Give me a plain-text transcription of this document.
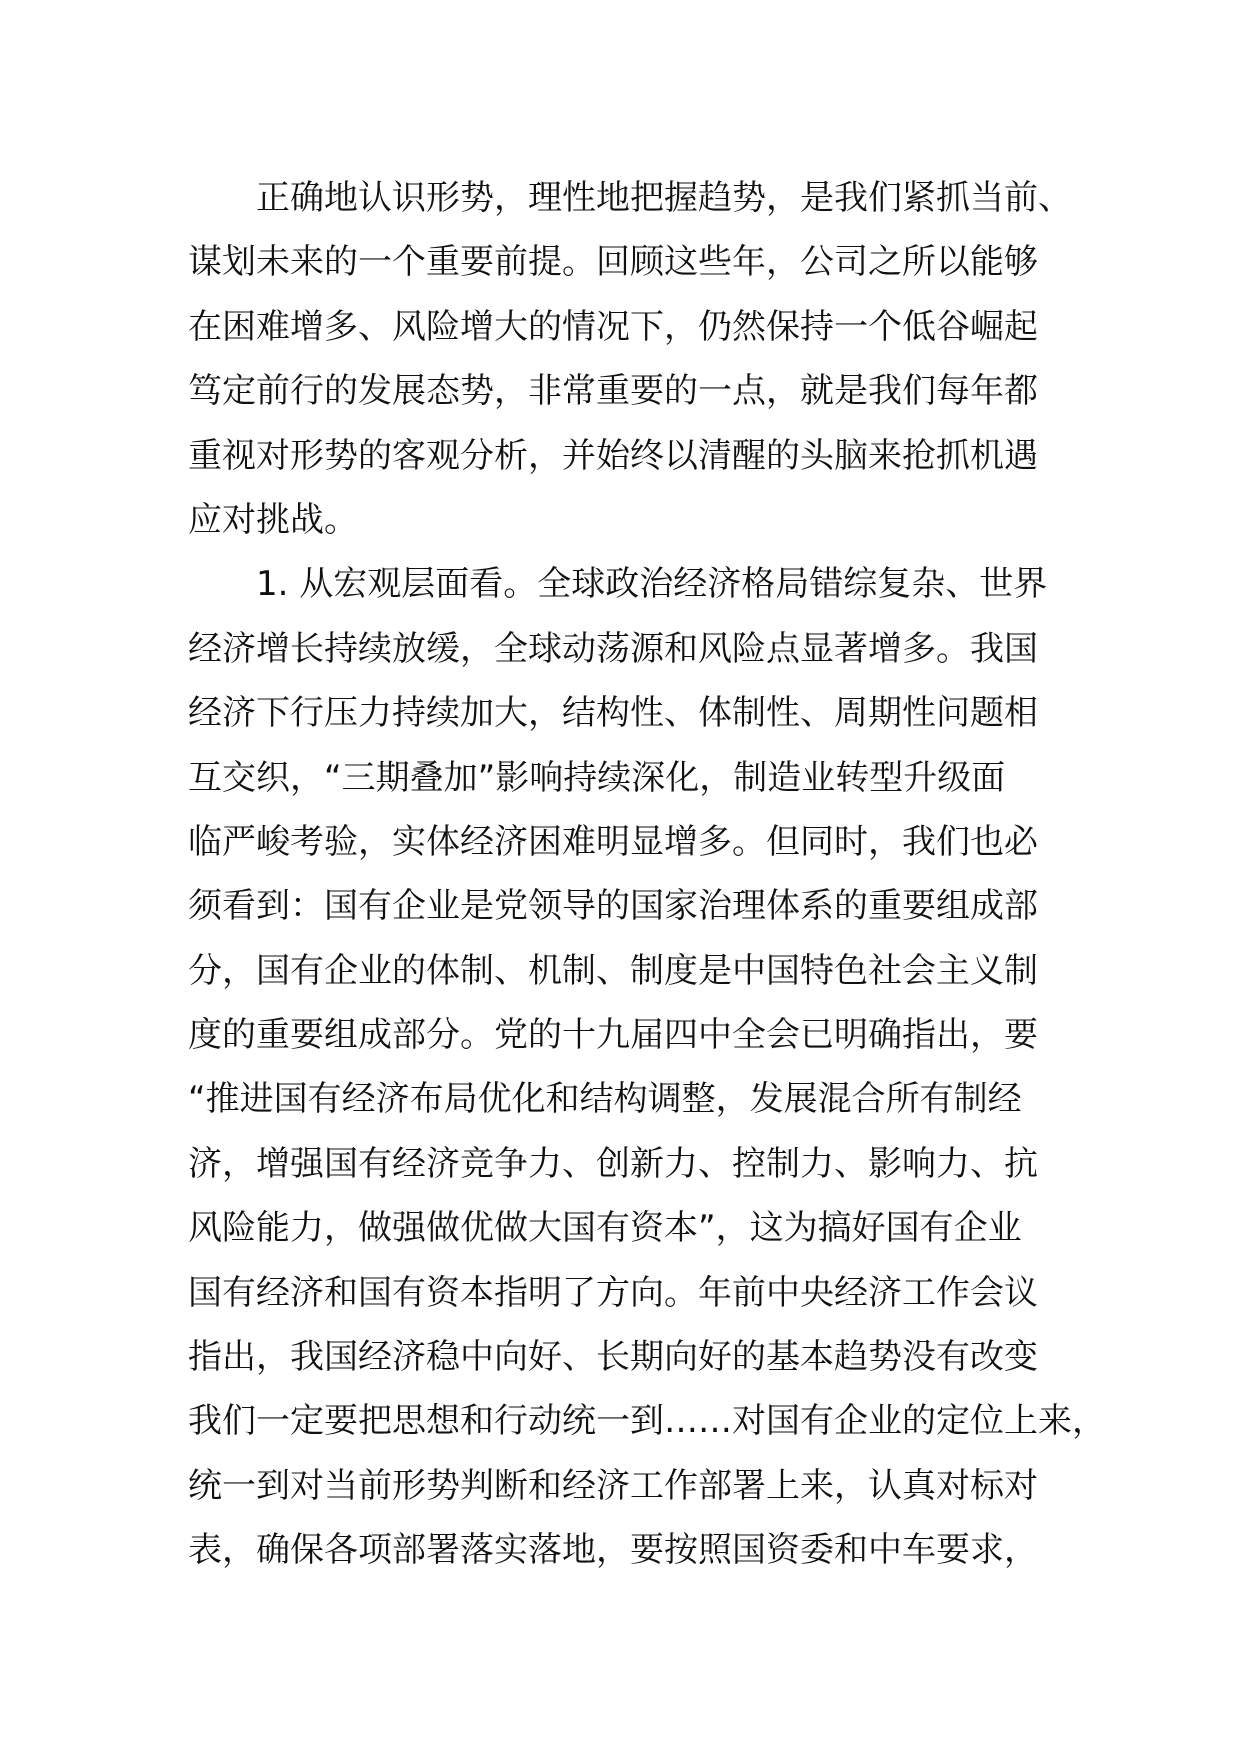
正确地认识形势，理性地把握趋势，是我们紧抓当前、
谋划未来的一个重要前提。回顾这些年，公司之所以能够
在困难增多、风险增大的情况下，仍然保持一个低谷崛起
笃定前行的发展态势，非常重要的一点，就是我们每年都
重视对形势的客观分析，并始终以清醒的头脑来抢抓机遇
应对挑战。
1. 从宏观层面看。全球政治经济格局错综复杂、世界
经济增长持续放缓，全球动荡源和风险点显著增多。我国
经济下行压力持续加大，结构性、体制性、周期性问题相
互交织，“三期叠加”影响持续深化，制造业转型升级面
临严峻考验，实体经济困难明显增多。但同时，我们也必
须看到：国有企业是党领导的国家治理体系的重要组成部
分，国有企业的体制、机制、制度是中国特色社会主义制
度的重要组成部分。党的十九届四中全会已明确指出，要
“推进国有经济布局优化和结构调整，发展混合所有制经
济，增强国有经济竞争力、创新力、控制力、影响力、抗
风险能力，做强做优做大国有资本”，这为搞好国有企业
国有经济和国有资本指明了方向。年前中央经济工作会议
指出，我国经济稳中向好、长期向好的基本趋势没有改变
我们一定要把思想和行动统一到……对国有企业的定位上来，
统一到对当前形势判断和经济工作部署上来，认真对标对
表，确保各项部署落实落地，要按照国资委和中车要求，
